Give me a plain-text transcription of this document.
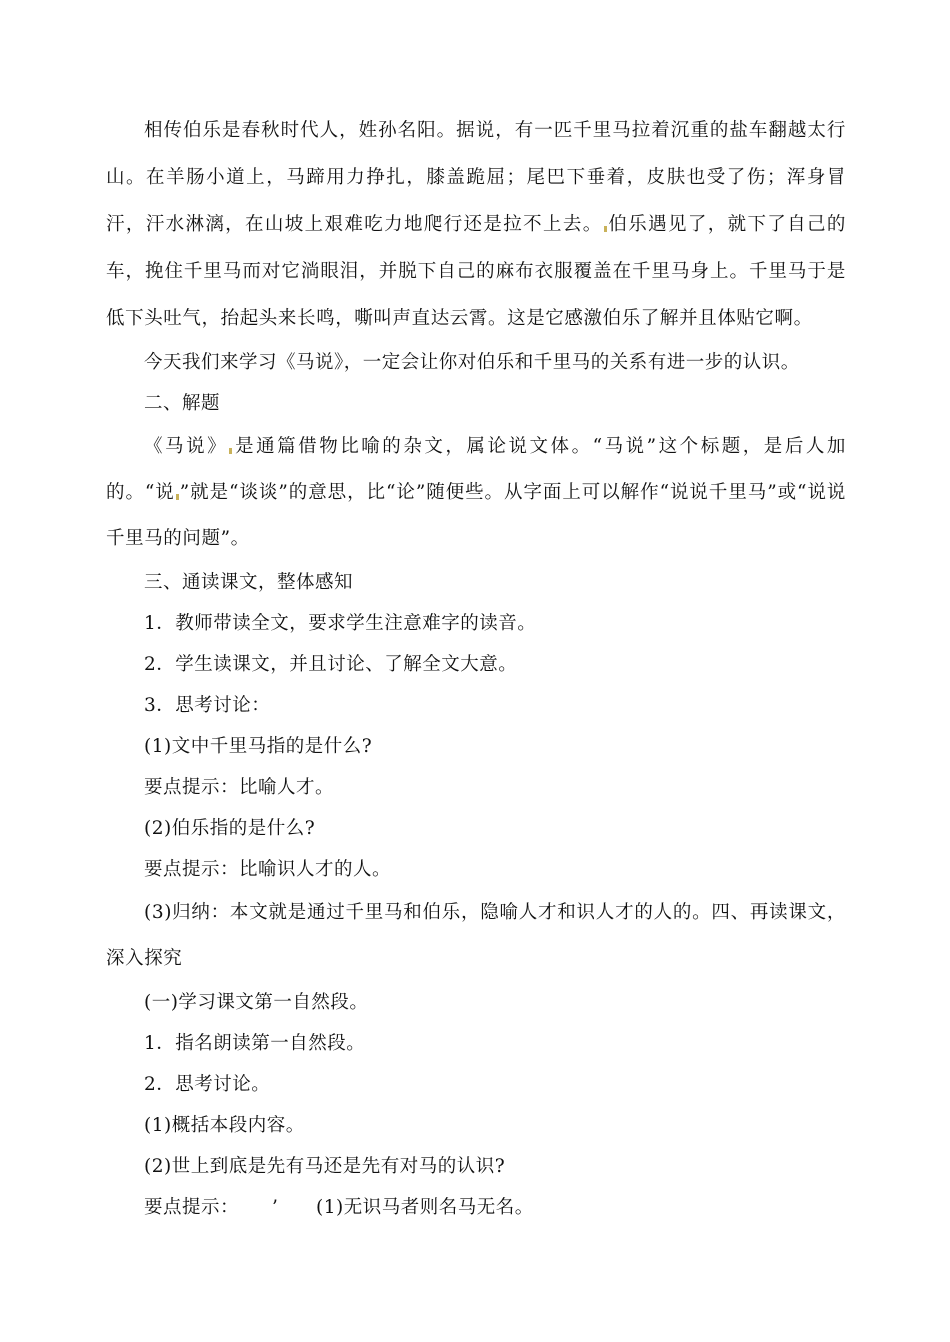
相传伯乐是春秋时代人，姓孙名阳。据说，有一匹千里马拉着沉重的盐车翻越太行山。在羊肠小道上，马蹄用力挣扎，膝盖跪屈；尾巴下垂着，皮肤也受了伤；浑身冒汗，汗水淋漓，在山坡上艰难吃力地爬行还是拉不上去。 伯乐遇见了，就下了自己的车，挽住千里马而对它淌眼泪，并脱下自己的麻布衣服覆盖在千里马身上。千里马于是低下头吐气，抬起头来长鸣，嘶叫声直达云霄。这是它感激伯乐了解并且体贴它啊。

今天我们来学习《马说》，一定会让你对伯乐和千里马的关系有进一步的认识。

二、解题

《马说》 是通篇借物比喻的杂文，属论说文体。“马说”这个标题，是后人加的。“说 ”就是“谈谈”的意思，比“论”随便些。从字面上可以解作“说说千里马”或“说说千里马的问题”。

三、通读课文，整体感知

1．教师带读全文，要求学生注意难字的读音。

2．学生读课文，并且讨论、了解全文大意。

3．思考讨论：

(1)文中千里马指的是什么?

要点提示：比喻人才。

(2)伯乐指的是什么?

要点提示：比喻识人才的人。

(3)归纳：本文就是通过千里马和伯乐，隐喻人才和识人才的人的。四、再读课文，深入探究

(一)学习课文第一自然段。

1．指名朗读第一自然段。

2．思考讨论。

(1)概括本段内容。

(2)世上到底是先有马还是先有对马的认识?

要点提示：	’	(1)无识马者则名马无名。
